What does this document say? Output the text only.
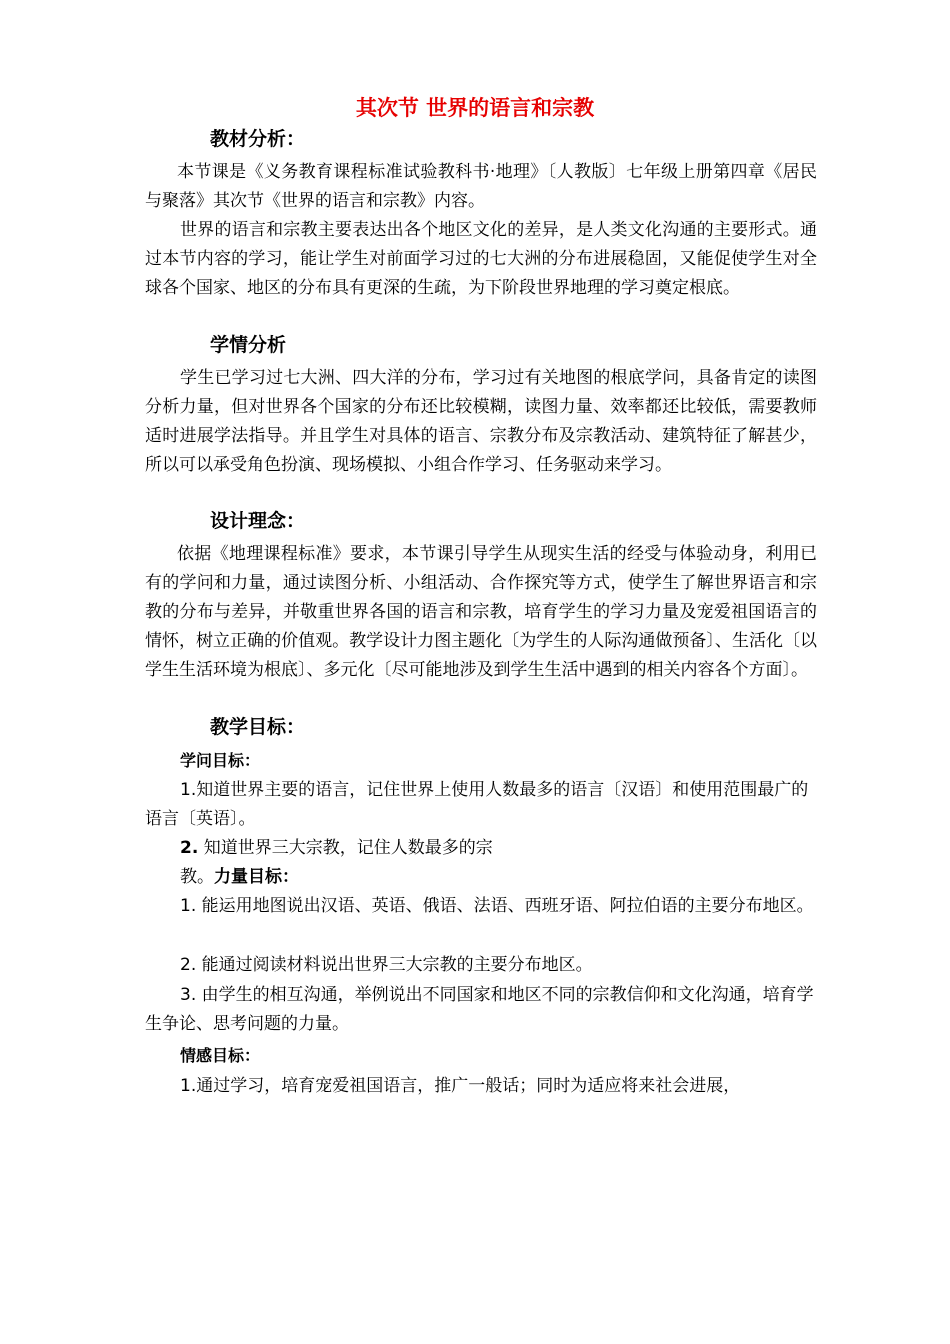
其次节 世界的语言和宗教
教材分析：
本节课是《义务教育课程标准试验教科书·地理》〔人教版〕七年级上册第四章《居民与聚落》其次节《世界的语言和宗教》内容。
世界的语言和宗教主要表达出各个地区文化的差异，是人类文化沟通的主要形式。通过本节内容的学习，能让学生对前面学习过的七大洲的分布进展稳固，又能促使学生对全球各个国家、地区的分布具有更深的生疏，为下阶段世界地理的学习奠定根底。
学情分析
学生已学习过七大洲、四大洋的分布，学习过有关地图的根底学问，具备肯定的读图分析力量，但对世界各个国家的分布还比较模糊，读图力量、效率都还比较低，需要教师适时进展学法指导。并且学生对具体的语言、宗教分布及宗教活动、建筑特征了解甚少，所以可以承受角色扮演、现场模拟、小组合作学习、任务驱动来学习。
设计理念：
依据《地理课程标准》要求，本节课引导学生从现实生活的经受与体验动身，利用已有的学问和力量，通过读图分析、小组活动、合作探究等方式，使学生了解世界语言和宗教的分布与差异，并敬重世界各国的语言和宗教，培育学生的学习力量及宠爱祖国语言的情怀，树立正确的价值观。教学设计力图主题化〔为学生的人际沟通做预备〕、生活化〔以学生生活环境为根底〕、多元化〔尽可能地涉及到学生生活中遇到的相关内容各个方面〕。
教学目标：
学问目标：
1.知道世界主要的语言，记住世界上使用人数最多的语言〔汉语〕和使用范围最广的语言〔英语〕。
2. 知道世界三大宗教，记住人数最多的宗
教。力量目标：
1. 能运用地图说出汉语、英语、俄语、法语、西班牙语、阿拉伯语的主要分布地区。
2. 能通过阅读材料说出世界三大宗教的主要分布地区。
3. 由学生的相互沟通，举例说出不同国家和地区不同的宗教信仰和文化沟通，培育学生争论、思考问题的力量。
情感目标：
1.通过学习，培育宠爱祖国语言，推广一般话；同时为适应将来社会进展，
